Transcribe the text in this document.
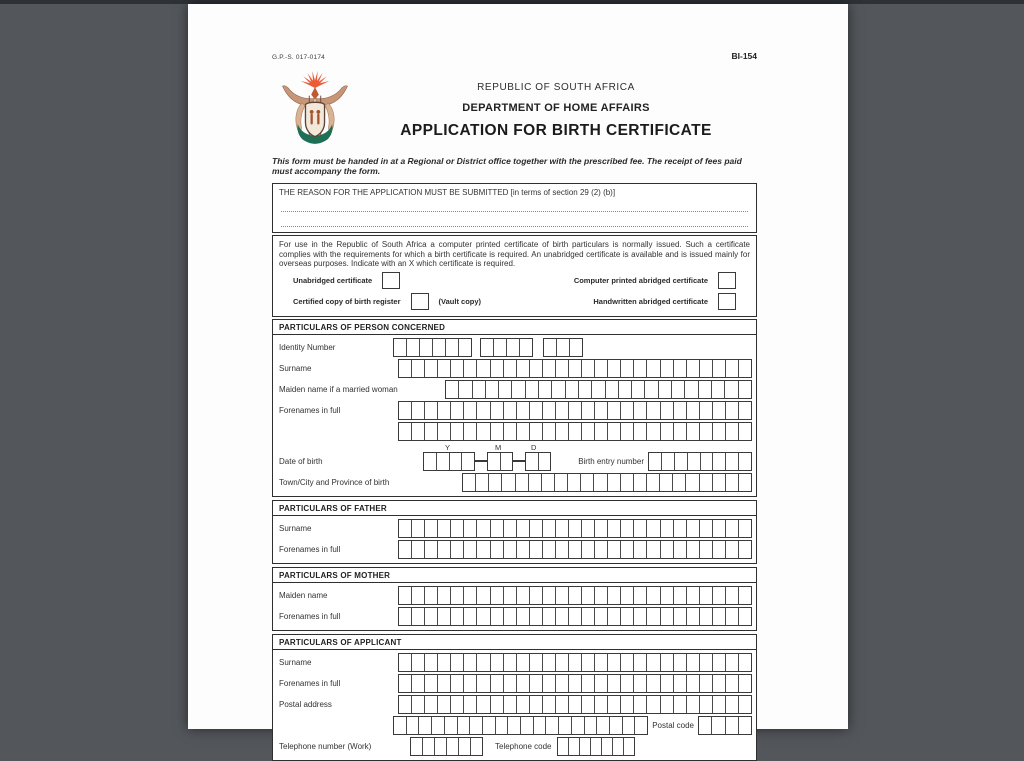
G.P.-S. 017-0174	BI-154
REPUBLIC OF SOUTH AFRICA
DEPARTMENT OF HOME AFFAIRS
APPLICATION FOR BIRTH CERTIFICATE

This form must be handed in at a Regional or District office together with the prescribed fee. The receipt of fees paid must accompany the form.

THE REASON FOR THE APPLICATION MUST BE SUBMITTED [in terms of section 29 (2) (b)]

For use in the Republic of South Africa a computer printed certificate of birth particulars is normally issued. Such a certificate complies with the requirements for which a birth certificate is required. An unabridged certificate is available and is issued mainly for overseas purposes. Indicate with an X which certificate is required.

Unabridged certificate	Computer printed abridged certificate
Certified copy of birth register	(Vault copy)	Handwritten abridged certificate
PARTICULARS OF PERSON CONCERNED
Identity Number
Surname
Maiden name if a married woman
Forenames in full
Y	M	D
Date of birth	Birth entry number
Town/City and Province of birth
PARTICULARS OF FATHER
Surname
Forenames in full
PARTICULARS OF MOTHER
Maiden name
Forenames in full
PARTICULARS OF APPLICANT
Surname
Forenames in full
Postal address
Postal code
Telephone number (Work)	Telephone code
